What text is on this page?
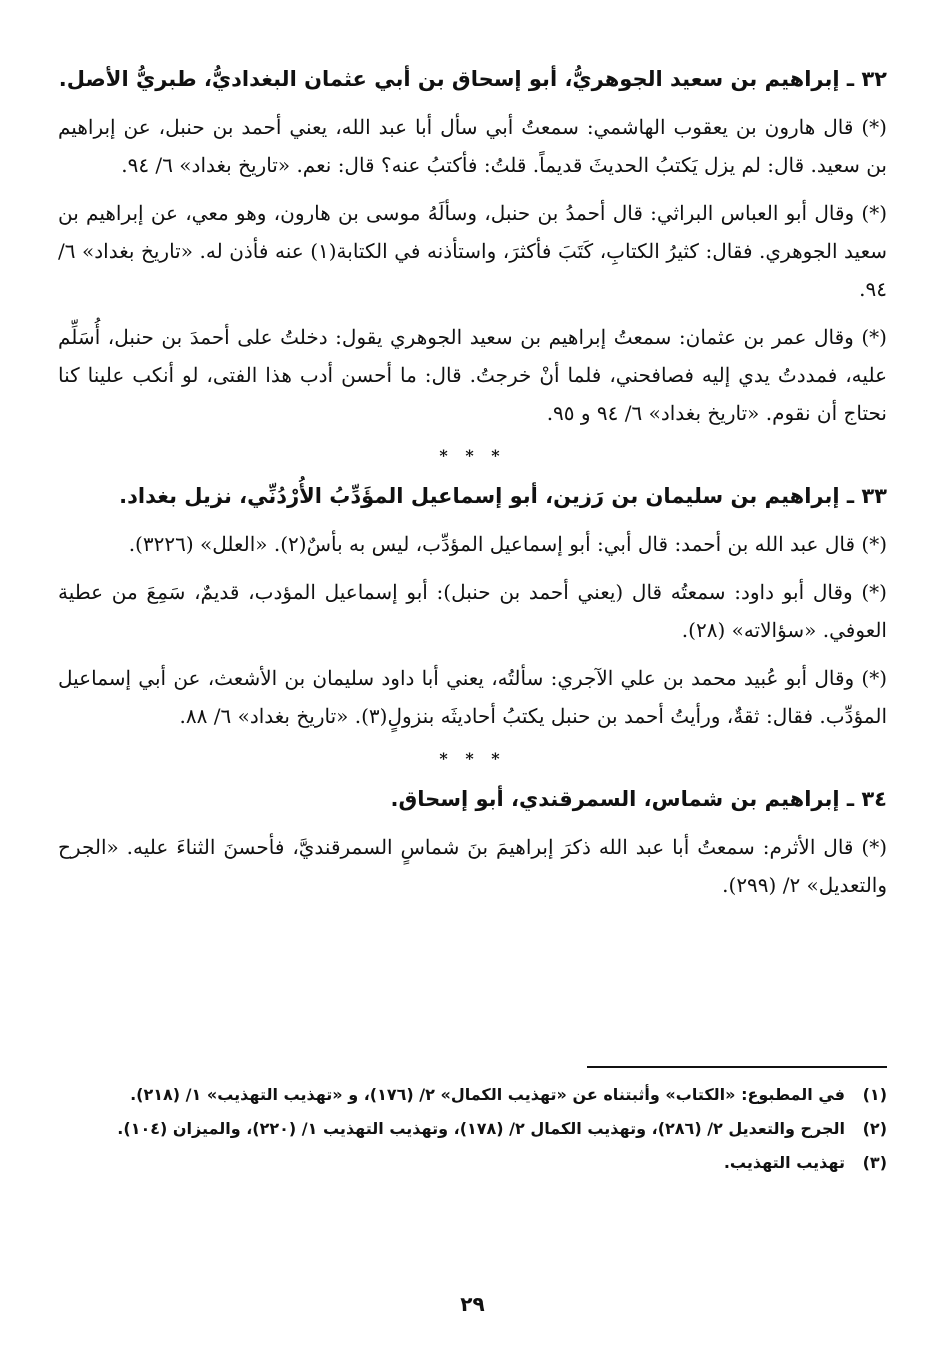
٣٢ ـ إبراهيم بن سعيد الجوهريُّ، أبو إسحاق بن أبي عثمان البغداديُّ، طبريُّ الأصل.
(*) قال هارون بن يعقوب الهاشمي: سمعتُ أبي سأل أبا عبد الله، يعني أحمد بن حنبل، عن إبراهيم بن سعيد. قال: لم يزل يَكتبُ الحديثَ قديماً. قلتُ: فأكتبُ عنه؟ قال: نعم. «تاريخ بغداد» ٦/ ٩٤.
(*) وقال أبو العباس البراثي: قال أحمدُ بن حنبل، وسألَهُ موسى بن هارون، وهو معي، عن إبراهيم بن سعيد الجوهري. فقال: كثيرُ الكتابِ، كَتَبَ فأكثرَ، واستأذنه في الكتابة(١) عنه فأذن له. «تاريخ بغداد» ٦/ ٩٤.
(*) وقال عمر بن عثمان: سمعتُ إبراهيم بن سعيد الجوهري يقول: دخلتُ على أحمدَ بن حنبل، أُسَلِّم عليه، فمددتُ يدي إليه فصافحني، فلما أنْ خرجتُ. قال: ما أحسن أدب هذا الفتى، لو أنكب علينا كنا نحتاج أن نقوم. «تاريخ بغداد» ٦/ ٩٤ و ٩٥.
* * *
٣٣ ـ إبراهيم بن سليمان بن رَزين، أبو إسماعيل المؤَدِّبُ الأُرْدُنِّي، نزيل بغداد.
(*) قال عبد الله بن أحمد: قال أبي: أبو إسماعيل المؤدِّب، ليس به بأسٌ(٢). «العلل» (٣٢٢٦).
(*) وقال أبو داود: سمعتُه قال (يعني أحمد بن حنبل): أبو إسماعيل المؤدب، قديمٌ، سَمِعَ من عطية العوفي. «سؤالاته» (٢٨).
(*) وقال أبو عُبيد محمد بن علي الآجري: سألتُه، يعني أبا داود سليمان بن الأشعث، عن أبي إسماعيل المؤدِّب. فقال: ثقةٌ، ورأيتُ أحمد بن حنبل يكتبُ أحاديثَه بنزولٍ(٣). «تاريخ بغداد» ٦/ ٨٨.
* * *
٣٤ ـ إبراهيم بن شماس، السمرقندي، أبو إسحاق.
(*) قال الأثرم: سمعتُ أبا عبد الله ذكرَ إبراهيمَ بنَ شماسٍ السمرقنديَّ، فأحسنَ الثناءَ عليه. «الجرح والتعديل» ٢/ (٢٩٩).
(١)
في المطبوع: «الكتاب» وأثبتناه عن «تهذيب الكمال» ٢/ (١٧٦)، و «تهذيب التهذيب» ١/ (٢١٨).
(٢)
الجرح والتعديل ٢/ (٢٨٦)، وتهذيب الكمال ٢/ (١٧٨)، وتهذيب التهذيب ١/ (٢٢٠)، والميزان (١٠٤).
(٣)
تهذيب التهذيب.
٢٩
